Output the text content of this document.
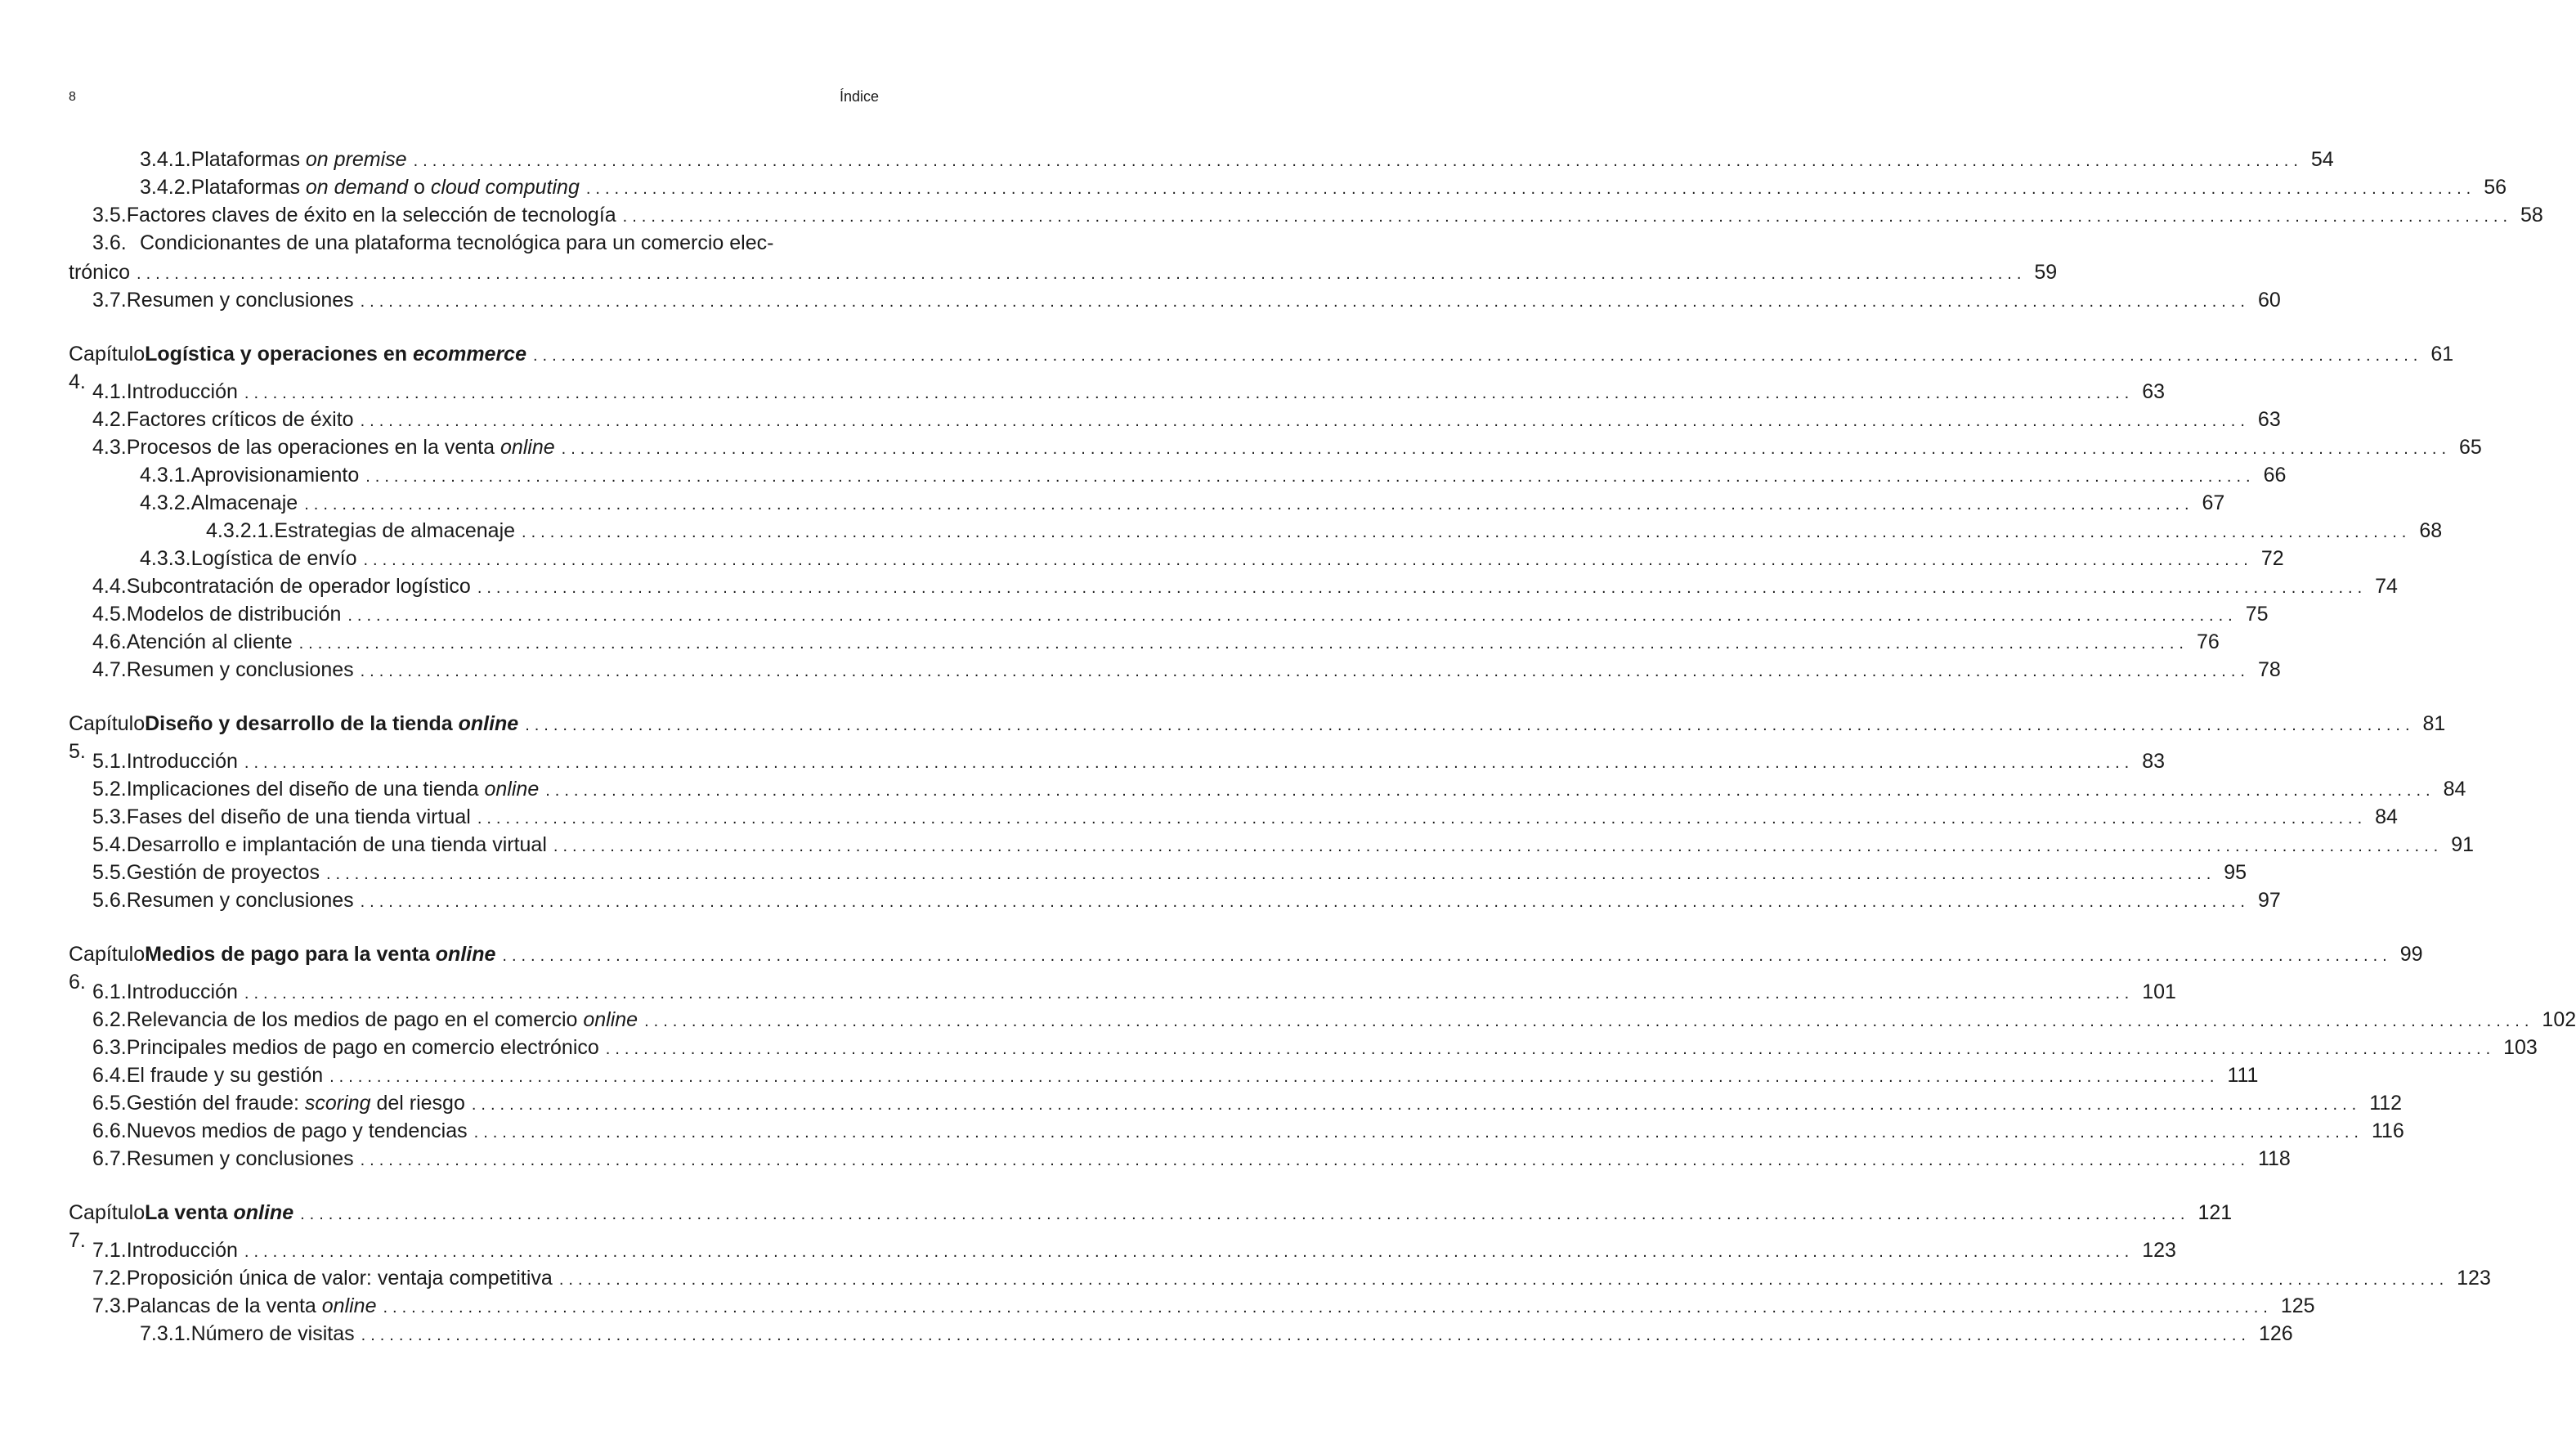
8	Índice
3.4.1. Plataformas on premise ........................................................................................................................................................................................................ 54
3.4.2. Plataformas on demand o cloud computing ........................................................................................................................................................................................................ 56
3.5. Factores claves de éxito en la selección de tecnología ........................................................................................................................................................................................................ 58
3.6. Condicionantes de una plataforma tecnológica para un comercio elec-
trónico ........................................................................................................................................................................................................ 59
3.7. Resumen y conclusiones ........................................................................................................................................................................................................ 60
Capítulo 4.
Logística y operaciones en ecommerce ........................................................................................................................................................................................................ 61
4.1. Introducción ........................................................................................................................................................................................................ 63
4.2. Factores críticos de éxito ........................................................................................................................................................................................................ 63
4.3. Procesos de las operaciones en la venta online ........................................................................................................................................................................................................ 65
4.3.1. Aprovisionamiento ........................................................................................................................................................................................................ 66
4.3.2. Almacenaje ........................................................................................................................................................................................................ 67
4.3.2.1. Estrategias de almacenaje ........................................................................................................................................................................................................ 68
4.3.3. Logística de envío ........................................................................................................................................................................................................ 72
4.4. Subcontratación de operador logístico ........................................................................................................................................................................................................ 74
4.5. Modelos de distribución ........................................................................................................................................................................................................ 75
4.6. Atención al cliente ........................................................................................................................................................................................................ 76
4.7. Resumen y conclusiones ........................................................................................................................................................................................................ 78
Capítulo 5.
Diseño y desarrollo de la tienda online ........................................................................................................................................................................................................ 81
5.1. Introducción ........................................................................................................................................................................................................ 83
5.2. Implicaciones del diseño de una tienda online ........................................................................................................................................................................................................ 84
5.3. Fases del diseño de una tienda virtual ........................................................................................................................................................................................................ 84
5.4. Desarrollo e implantación de una tienda virtual ........................................................................................................................................................................................................ 91
5.5. Gestión de proyectos ........................................................................................................................................................................................................ 95
5.6. Resumen y conclusiones ........................................................................................................................................................................................................ 97
Capítulo 6.
Medios de pago para la venta online ........................................................................................................................................................................................................ 99
6.1. Introducción ........................................................................................................................................................................................................ 101
6.2. Relevancia de los medios de pago en el comercio online ........................................................................................................................................................................................................ 102
6.3. Principales medios de pago en comercio electrónico ........................................................................................................................................................................................................ 103
6.4. El fraude y su gestión ........................................................................................................................................................................................................ 111
6.5. Gestión del fraude: scoring del riesgo ........................................................................................................................................................................................................ 112
6.6. Nuevos medios de pago y tendencias ........................................................................................................................................................................................................ 116
6.7. Resumen y conclusiones ........................................................................................................................................................................................................ 118
Capítulo 7.
La venta online ........................................................................................................................................................................................................ 121
7.1. Introducción ........................................................................................................................................................................................................ 123
7.2. Proposición única de valor: ventaja competitiva ........................................................................................................................................................................................................ 123
7.3. Palancas de la venta online ........................................................................................................................................................................................................ 125
7.3.1. Número de visitas ........................................................................................................................................................................................................ 126
